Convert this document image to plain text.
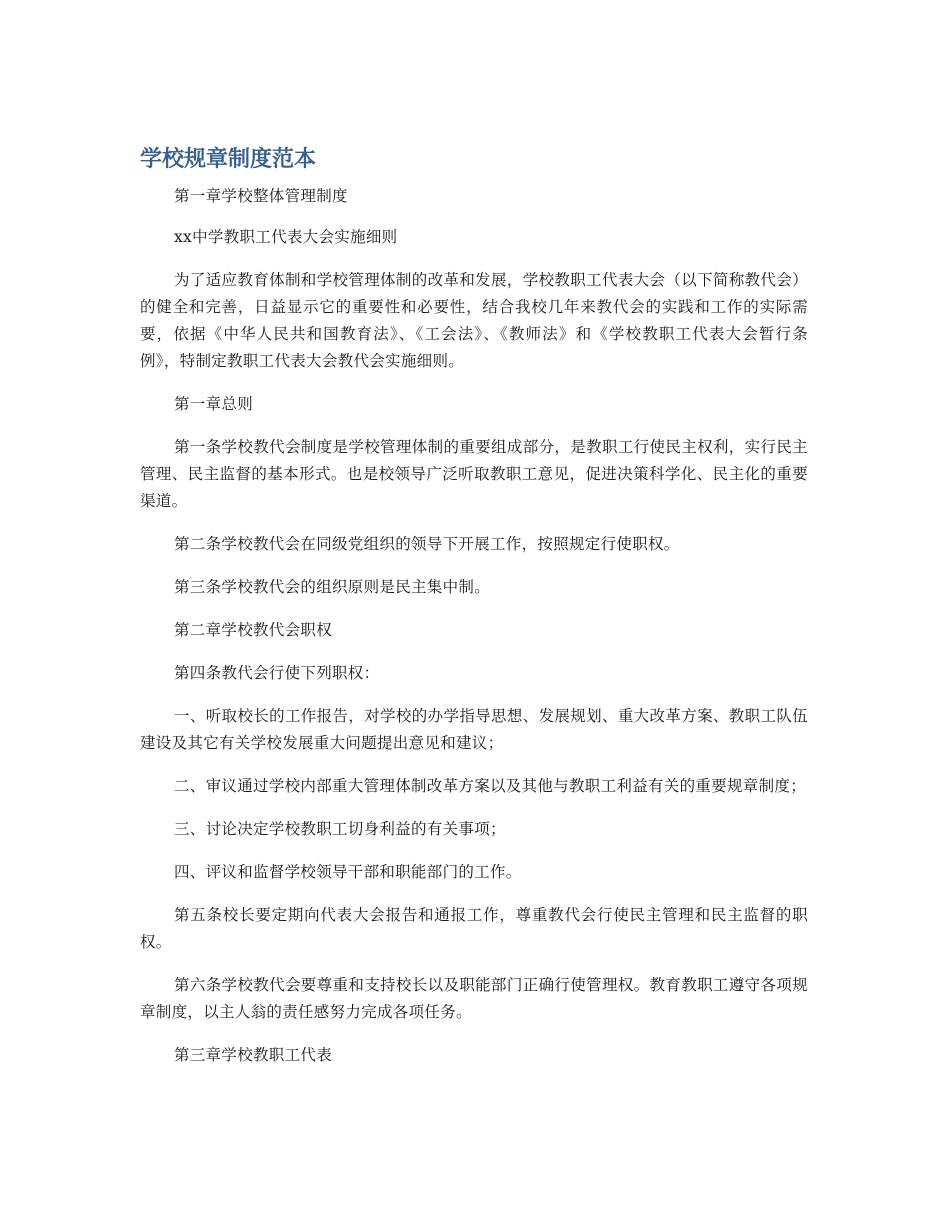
学校规章制度范本

第一章学校整体管理制度

xx中学教职工代表大会实施细则

为了适应教育体制和学校管理体制的改革和发展，学校教职工代表大会（以下简称教代会）的健全和完善，日益显示它的重要性和必要性，结合我校几年来教代会的实践和工作的实际需要，依据《中华人民共和国教育法》、《工会法》、《教师法》和《学校教职工代表大会暂行条例》，特制定教职工代表大会教代会实施细则。

第一章总则

第一条学校教代会制度是学校管理体制的重要组成部分，是教职工行使民主权利，实行民主管理、民主监督的基本形式。也是校领导广泛听取教职工意见，促进决策科学化、民主化的重要渠道。

第二条学校教代会在同级党组织的领导下开展工作，按照规定行使职权。

第三条学校教代会的组织原则是民主集中制。

第二章学校教代会职权

第四条教代会行使下列职权：

一、听取校长的工作报告，对学校的办学指导思想、发展规划、重大改革方案、教职工队伍建设及其它有关学校发展重大问题提出意见和建议；

二、审议通过学校内部重大管理体制改革方案以及其他与教职工利益有关的重要规章制度；

三、讨论决定学校教职工切身利益的有关事项；

四、评议和监督学校领导干部和职能部门的工作。

第五条校长要定期向代表大会报告和通报工作，尊重教代会行使民主管理和民主监督的职权。

第六条学校教代会要尊重和支持校长以及职能部门正确行使管理权。教育教职工遵守各项规章制度，以主人翁的责任感努力完成各项任务。

第三章学校教职工代表
